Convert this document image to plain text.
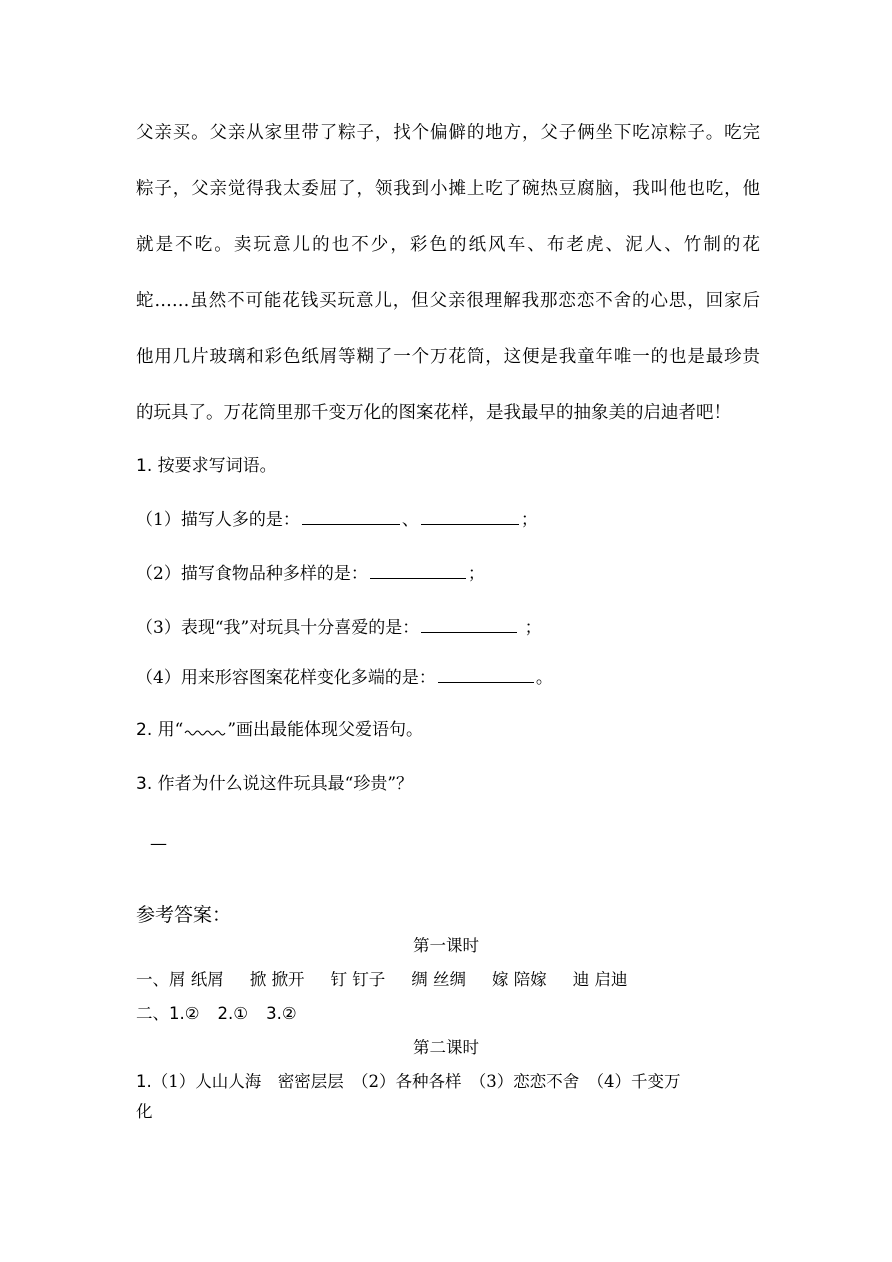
父亲买。父亲从家里带了粽子，找个偏僻的地方，父子俩坐下吃凉粽子。吃完
粽子，父亲觉得我太委屈了，领我到小摊上吃了碗热豆腐脑，我叫他也吃，他
就是不吃。卖玩意儿的也不少，彩色的纸风车、布老虎、泥人、竹制的花
蛇……虽然不可能花钱买玩意儿，但父亲很理解我那恋恋不舍的心思，回家后
他用几片玻璃和彩色纸屑等糊了一个万花筒，这便是我童年唯一的也是最珍贵
的玩具了。万花筒里那千变万化的图案花样，是我最早的抽象美的启迪者吧！
1. 按要求写词语。
（1）描写人多的是：	、	；
（2）描写食物品种多样的是：	；
（3）表现“我”对玩具十分喜爱的是：	；
（4）用来形容图案花样变化多端的是：	。
2. 用“	”画出最能体现父爱语句。
3. 作者为什么说这件玩具最“珍贵”？
—
参考答案：
第一课时
一、屑 纸屑 掀 掀开 钉 钉子 绸 丝绸 嫁 陪嫁 迪 启迪
二、1.② 2.① 3.②
第二课时
1.（1）人山人海　密密层层　（2）各种各样　（3）恋恋不舍　（4）千变万
化
